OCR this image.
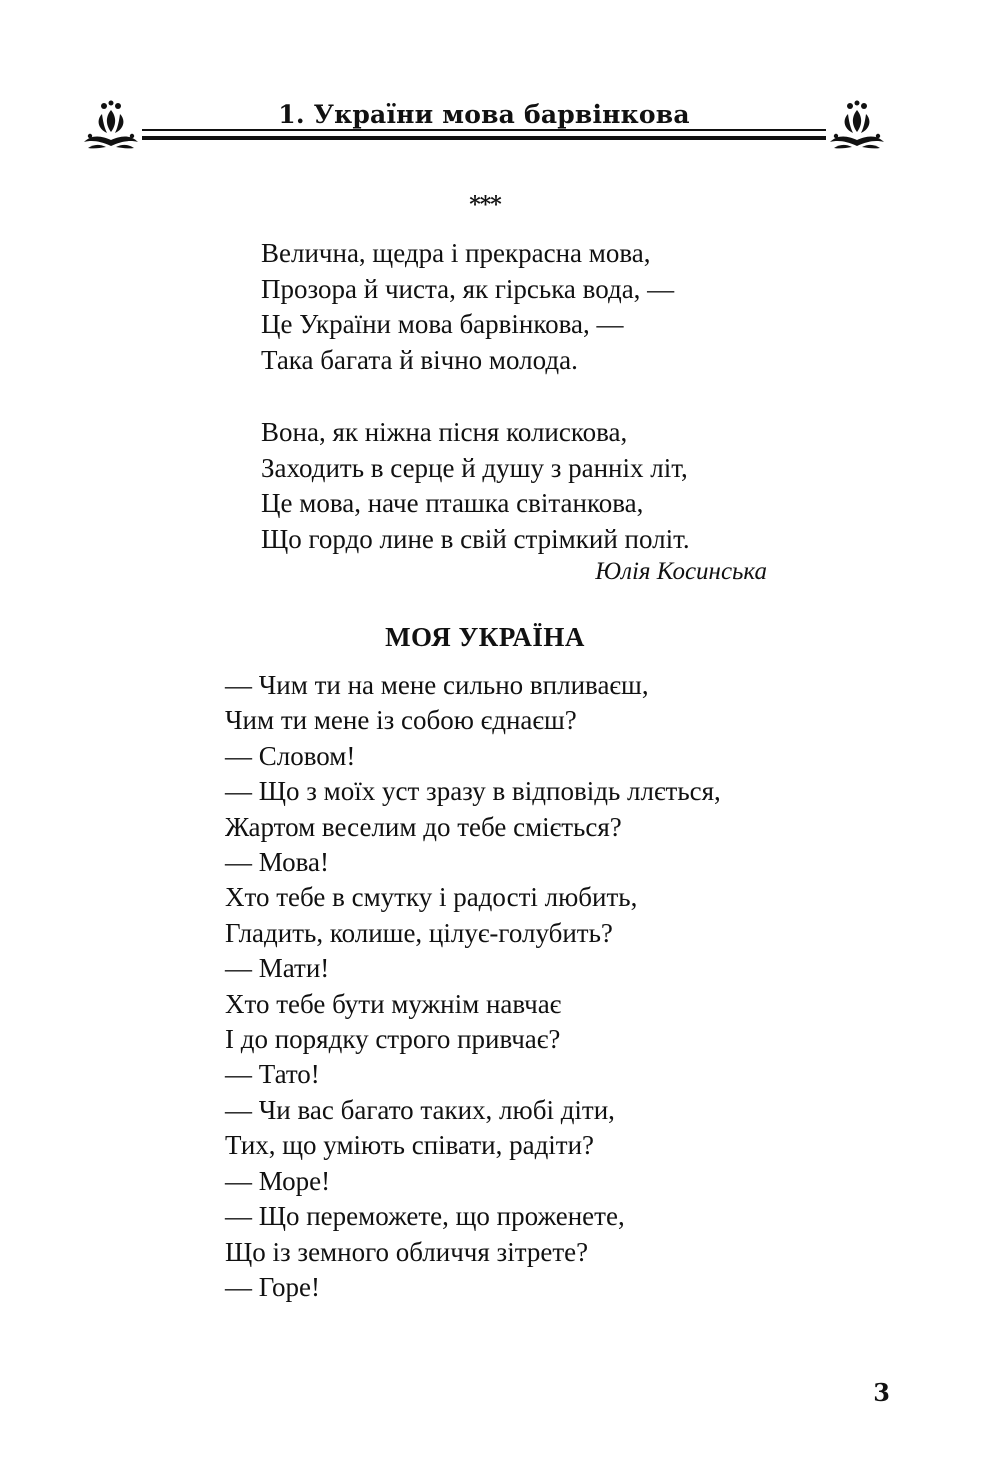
1. України мова барвінкова
***
Велична, щедра і прекрасна мова,
Прозора й чиста, як гірська вода, —
Це України мова барвінкова, —
Така багата й вічно молода.
Вона, як ніжна пісня колискова,
Заходить в серце й душу з ранніх літ,
Це мова, наче пташка світанкова,
Що гордо лине в свій стрімкий політ.
Юлія Косинська
МОЯ УКРАЇНА
— Чим ти на мене сильно впливаєш,
Чим ти мене із собою єднаєш?
— Словом!
— Що з моїх уст зразу в відповідь ллється,
Жартом веселим до тебе сміється?
— Мова!
Хто тебе в смутку і радості любить,
Гладить, колише, цілує-голубить?
— Мати!
Хто тебе бути мужнім навчає
І до порядку строго привчає?
— Тато!
— Чи вас багато таких, любі діти,
Тих, що уміють співати, радіти?
— Море!
— Що переможете, що проженете,
Що із земного обличчя зітрете?
— Горе!
3
